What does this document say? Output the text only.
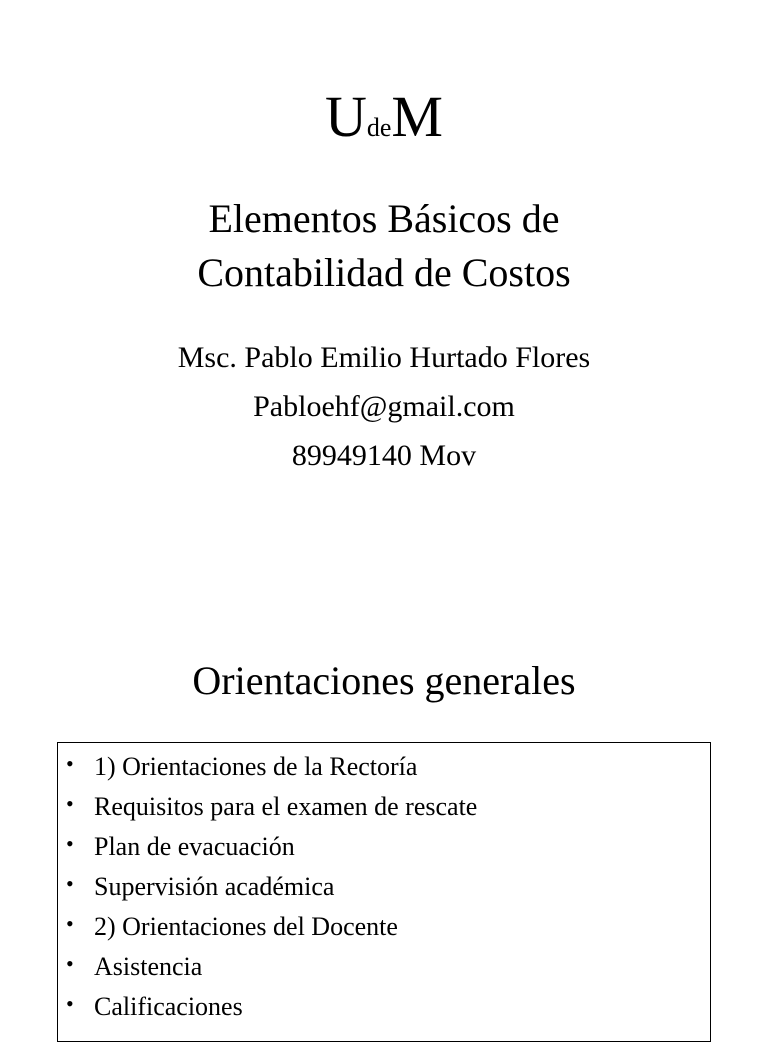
UdeM
Elementos Básicos de
Contabilidad de Costos
Msc. Pablo Emilio Hurtado Flores
Pabloehf@gmail.com
89949140 Mov
Orientaciones generales
• 1) Orientaciones de la Rectoría
• Requisitos para el examen de rescate
• Plan de evacuación
• Supervisión académica
• 2) Orientaciones del Docente
• Asistencia
• Calificaciones
